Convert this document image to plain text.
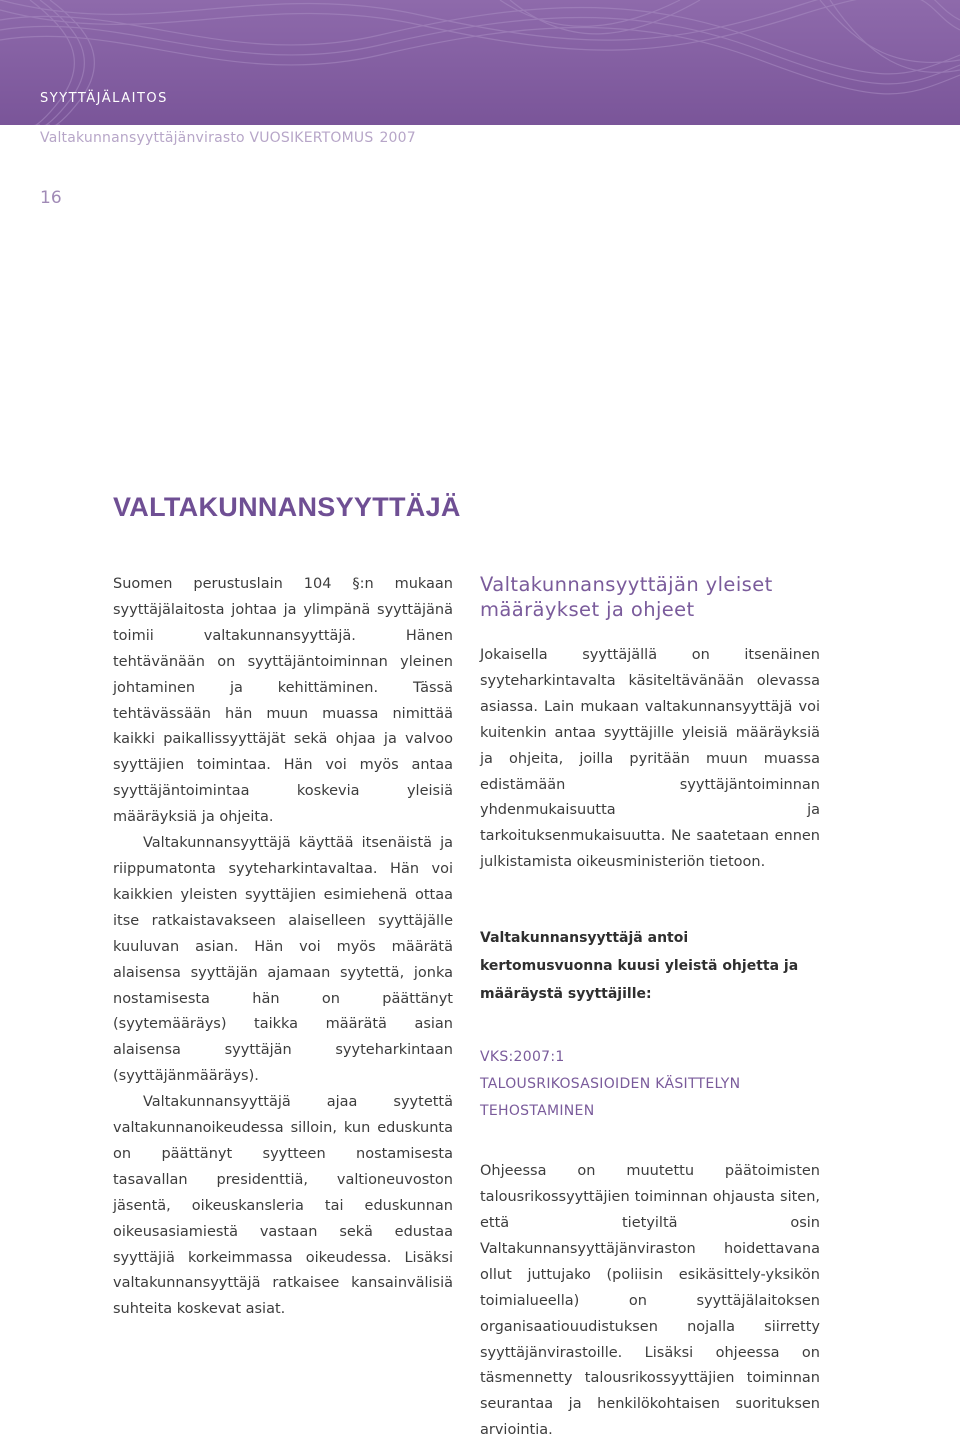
SYYTTÄJÄLAITOS
Valtakunnansyyttäjänvirasto VUOSIKERTOMUS 2007
16
VALTAKUNNANSYYTTÄJÄ

Suomen perustuslain 104 §:n mukaan syyttäjälaitosta johtaa ja ylimpänä syyttäjänä toimii valtakunnansyyttäjä. Hänen tehtävänään on syyttäjäntoiminnan yleinen johtaminen ja kehittäminen. Tässä tehtävässään hän muun muassa nimittää kaikki paikallissyyttäjät sekä ohjaa ja valvoo syyttäjien toimintaa. Hän voi myös antaa syyttäjäntoimintaa koskevia yleisiä määräyksiä ja ohjeita.

Valtakunnansyyttäjä käyttää itsenäistä ja riippumatonta syyteharkintavaltaa. Hän voi kaikkien yleisten syyttäjien esimiehenä ottaa itse ratkaistavakseen alaiselleen syyttäjälle kuuluvan asian. Hän voi myös määrätä alaisensa syyttäjän ajamaan syytettä, jonka nostamisesta hän on päättänyt (syytemääräys) taikka määrätä asian alaisensa syyttäjän syyteharkintaan (syyttäjänmääräys).

Valtakunnansyyttäjä ajaa syytettä valtakunnanoikeudessa silloin, kun eduskunta on päättänyt syytteen nostamisesta tasavallan presidenttiä, valtioneuvoston jäsentä, oikeuskansleria tai eduskunnan oikeusasiamiestä vastaan sekä edustaa syyttäjiä korkeimmassa oikeudessa. Lisäksi valtakunnansyyttäjä ratkaisee kansainvälisiä suhteita koskevat asiat.

Valtakunnansyyttäjän yleiset
määräykset ja ohjeet

Jokaisella syyttäjällä on itsenäinen syyteharkintavalta käsiteltävänään olevassa asiassa. Lain mukaan valtakunnansyyttäjä voi kuitenkin antaa syyttäjille yleisiä määräyksiä ja ohjeita, joilla pyritään muun muassa edistämään syyttäjäntoiminnan yhdenmukaisuutta ja tarkoituksenmukaisuutta. Ne saatetaan ennen julkistamista oikeusministeriön tietoon.

Valtakunnansyyttäjä antoi kertomusvuonna kuusi yleistä ohjetta ja määräystä syyttäjille:

VKS:2007:1
TALOUSRIKOSASIOIDEN KÄSITTELYN
TEHOSTAMINEN

Ohjeessa on muutettu päätoimisten talousrikossyyttäjien toiminnan ohjausta siten, että tietyiltä osin Valtakunnansyyttäjänviraston hoidettavana ollut juttujako (poliisin esikäsittely-yksikön toimialueella) on syyttäjälaitoksen organisaatiouudistuksen nojalla siirretty syyttäjänvirastoille. Lisäksi ohjeessa on täsmennetty talousrikossyyttäjien toiminnan seurantaa ja henkilökohtaisen suorituksen arviointia.
